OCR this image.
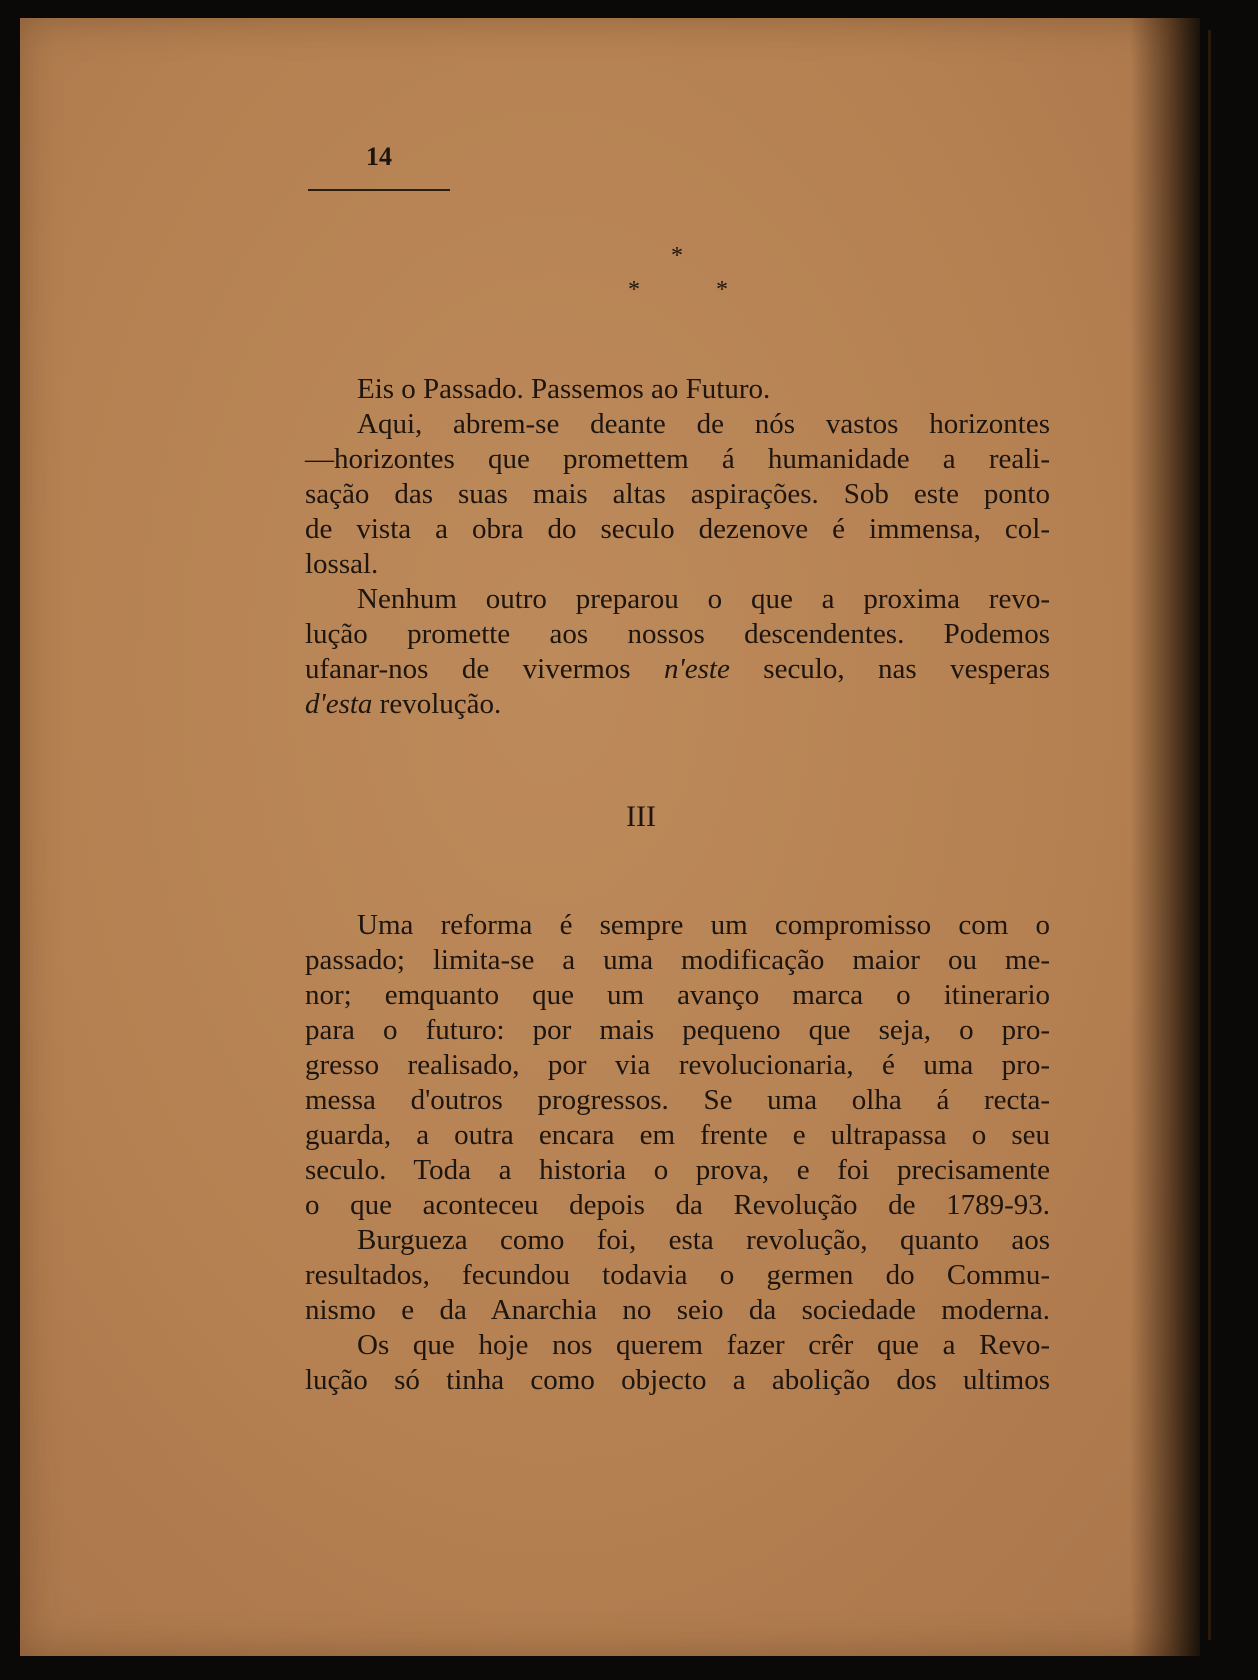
14
*
*	*
Eis o Passado. Passemos ao Futuro.
Aqui, abrem-se deante de nós vastos horizontes
—horizontes que promettem á humanidade a reali-
sação das suas mais altas aspirações. Sob este ponto
de vista a obra do seculo dezenove é immensa, col-
lossal.
Nenhum outro preparou o que a proxima revo-
lução promette aos nossos descendentes. Podemos
ufanar-nos de vivermos n'este seculo, nas vesperas
d'esta revolução.
III
Uma reforma é sempre um compromisso com o
passado; limita-se a uma modificação maior ou me-
nor; emquanto que um avanço marca o itinerario
para o futuro: por mais pequeno que seja, o pro-
gresso realisado, por via revolucionaria, é uma pro-
messa d'outros progressos. Se uma olha á recta-
guarda, a outra encara em frente e ultrapassa o seu
seculo. Toda a historia o prova, e foi precisamente
o que aconteceu depois da Revolução de 1789-93.
Burgueza como foi, esta revolução, quanto aos
resultados, fecundou todavia o germen do Commu-
nismo e da Anarchia no seio da sociedade moderna.
Os que hoje nos querem fazer crêr que a Revo-
lução só tinha como objecto a abolição dos ultimos
